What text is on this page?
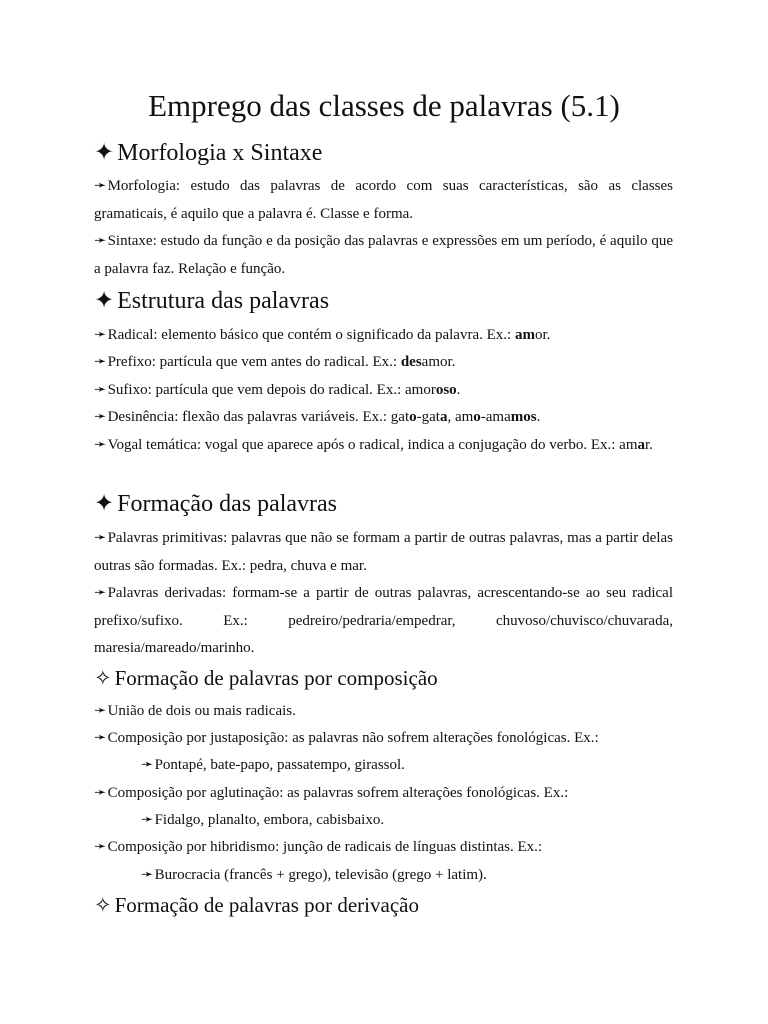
Emprego das classes de palavras (5.1)
✦ Morfologia x Sintaxe

➛Morfologia: estudo das palavras de acordo com suas características, são as classes gramaticais, é aquilo que a palavra é. Classe e forma.

➛Sintaxe: estudo da função e da posição das palavras e expressões em um período, é aquilo que a palavra faz. Relação e função.

✦ Estrutura das palavras

➛Radical: elemento básico que contém o significado da palavra. Ex.: amor.

➛Prefixo: partícula que vem antes do radical. Ex.: desamor.

➛Sufixo: partícula que vem depois do radical. Ex.: amoroso.

➛Desinência: flexão das palavras variáveis. Ex.: gato-gata, amo-amamos.

➛Vogal temática: vogal que aparece após o radical, indica a conjugação do verbo. Ex.: amar.

✦ Formação das palavras

➛Palavras primitivas: palavras que não se formam a partir de outras palavras, mas a partir delas outras são formadas. Ex.: pedra, chuva e mar.

➛Palavras derivadas: formam-se a partir de outras palavras, acrescentando-se ao seu radical prefixo/sufixo. Ex.: pedreiro/pedraria/empedrar, chuvoso/chuvisco/chuvarada, maresia/mareado/marinho.

✧ Formação de palavras por composição

➛União de dois ou mais radicais.

➛Composição por justaposição: as palavras não sofrem alterações fonológicas. Ex.:

➛Pontapé, bate-papo, passatempo, girassol.

➛Composição por aglutinação: as palavras sofrem alterações fonológicas. Ex.:

➛Fidalgo, planalto, embora, cabisbaixo.

➛Composição por hibridismo: junção de radicais de línguas distintas. Ex.:

➛Burocracia (francês + grego), televisão (grego + latim).

✧ Formação de palavras por derivação
